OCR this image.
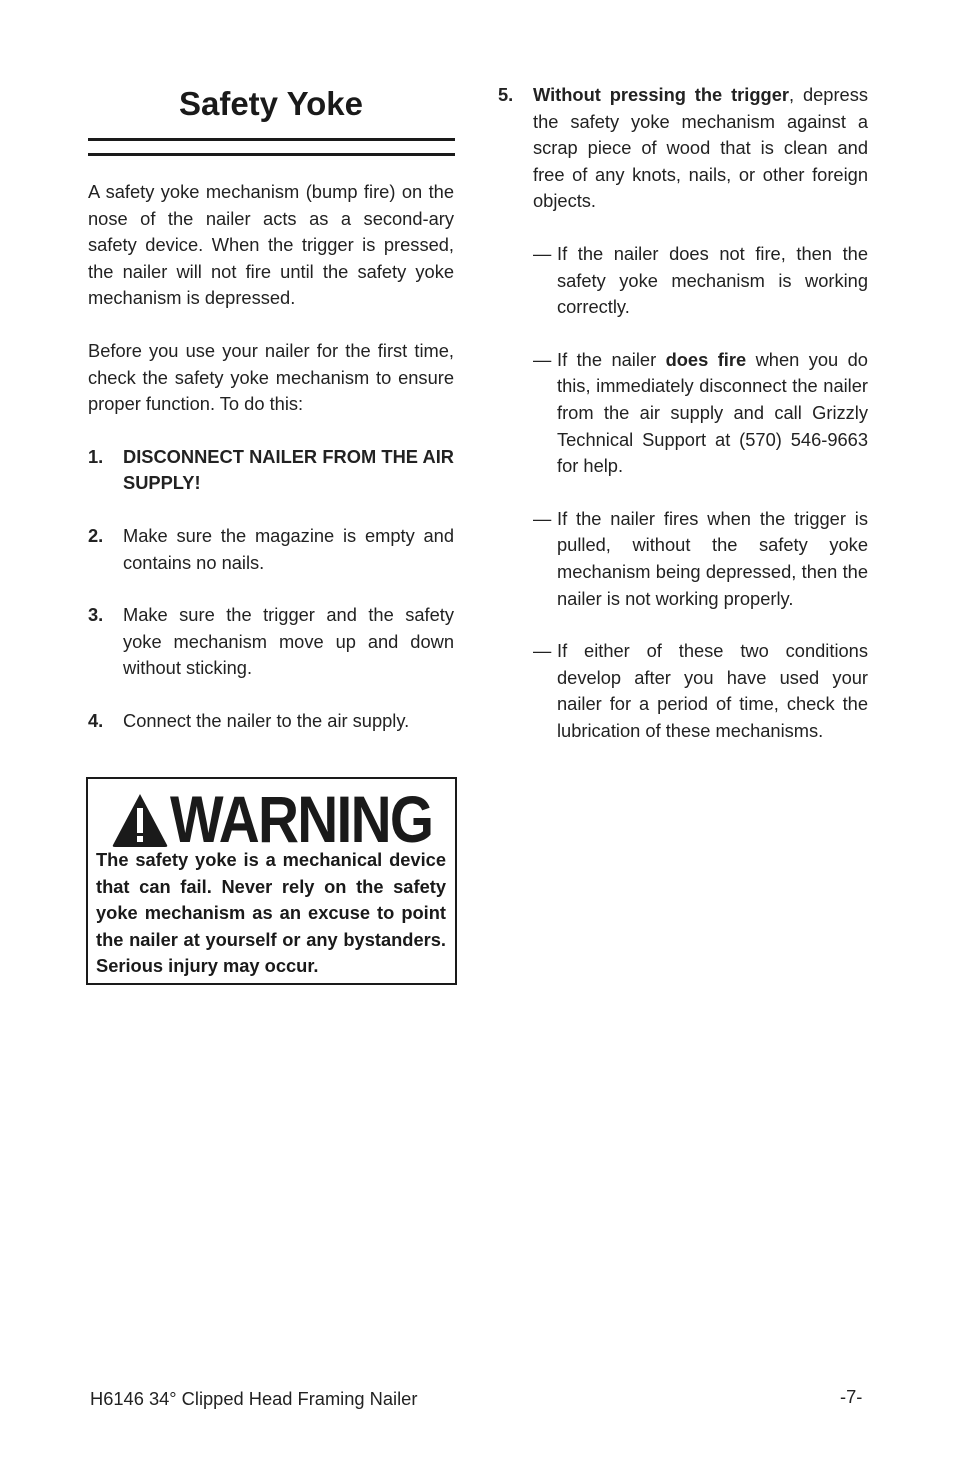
Safety Yoke

A safety yoke mechanism (bump fire) on the nose of the nailer acts as a second-ary safety device. When the trigger is pressed, the nailer will not fire until the safety yoke mechanism is depressed.

Before you use your nailer for the first time, check the safety yoke mechanism to ensure proper function. To do this:

1.	DISCONNECT NAILER FROM THE AIR SUPPLY!
2.	Make sure the magazine is empty and contains no nails.
3.	Make sure the trigger and the safety yoke mechanism move up and down without sticking.
4.	Connect the nailer to the air supply.
WARNING
The safety yoke is a mechanical device that can fail. Never rely on the safety yoke mechanism as an excuse to point the nailer at yourself or any bystanders. Serious injury may occur.
5.	Without pressing the trigger, depress the safety yoke mechanism against a scrap piece of wood that is clean and free of any knots, nails, or other foreign objects.
— If the nailer does not fire, then the safety yoke mechanism is working correctly.
— If the nailer does fire when you do this, immediately disconnect the nailer from the air supply and call Grizzly Technical Support at (570) 546-9663 for help.
— If the nailer fires when the trigger is pulled, without the safety yoke mechanism being depressed, then the nailer is not working properly.
— If either of these two conditions develop after you have used your nailer for a period of time, check the lubrication of these mechanisms.
H6146 34° Clipped Head Framing Nailer	-7-
